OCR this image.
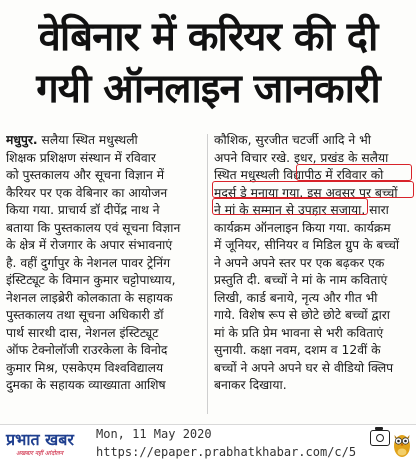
वेबिनार में करियर की दी
गयी ऑनलाइन जानकारी
मधुपुर. सलैया स्थित मधुस्थली
शिक्षक प्रशिक्षण संस्थान में रविवार
को पुस्तकालय और सूचना विज्ञान में
कैरियर पर एक वेबिनार का आयोजन
किया गया. प्राचार्य डॉ दीपेंद्र नाथ ने
बताया कि पुस्तकालय एवं सूचना विज्ञान
के क्षेत्र में रोजगार के अपार संभावनाएं
है. वहीं दुर्गापुर के नेशनल पावर ट्रेनिंग
इंस्टिट्यूट के विमान कुमार चट्टोपाध्याय,
नेशनल लाइब्रेरी कोलकाता के सहायक
पुस्तकालय तथा सूचना अधिकारी डॉ
पार्थ सारथी दास, नेशनल इंस्टिट्यूट
ऑफ टेक्नोलॉजी राउरकेला के विनोद
कुमार मिश्र, एसकेएम विश्वविद्यालय
दुमका के सहायक व्याख्याता आशिष
कौशिक, सुरजीत चटर्जी आदि ने भी
अपने विचार रखे. इधर, प्रखंड के सलैया
स्थित मधुस्थली विद्यापीठ में रविवार को
मदर्स डे मनाया गया. इस अवसर पर बच्चों
ने मां के सम्मान से उपहार सजाया. सारा
कार्यक्रम ऑनलाइन किया गया. कार्यक्रम
में जूनियर, सीनियर व मिडिल ग्रुप के बच्चों
ने अपने अपने स्तर पर एक बढ़कर एक
प्रस्तुति दी. बच्चों ने मां के नाम कविताएं
लिखी, कार्ड बनाये, नृत्य और गीत भी
गाये. विशेष रूप से छोटे छोटे बच्चों द्वारा
मां के प्रति प्रेम भावना से भरी कविताएं
सुनायी. कक्षा नवम, दशम व 12वीं के
बच्चों ने अपने अपने घर से वीडियो क्लिप
बनाकर दिखाया.
प्रभात खबर
अखबार नहीं आंदोलन
Mon, 11 May 2020
https://epaper.prabhatkhabar.com/c/5
